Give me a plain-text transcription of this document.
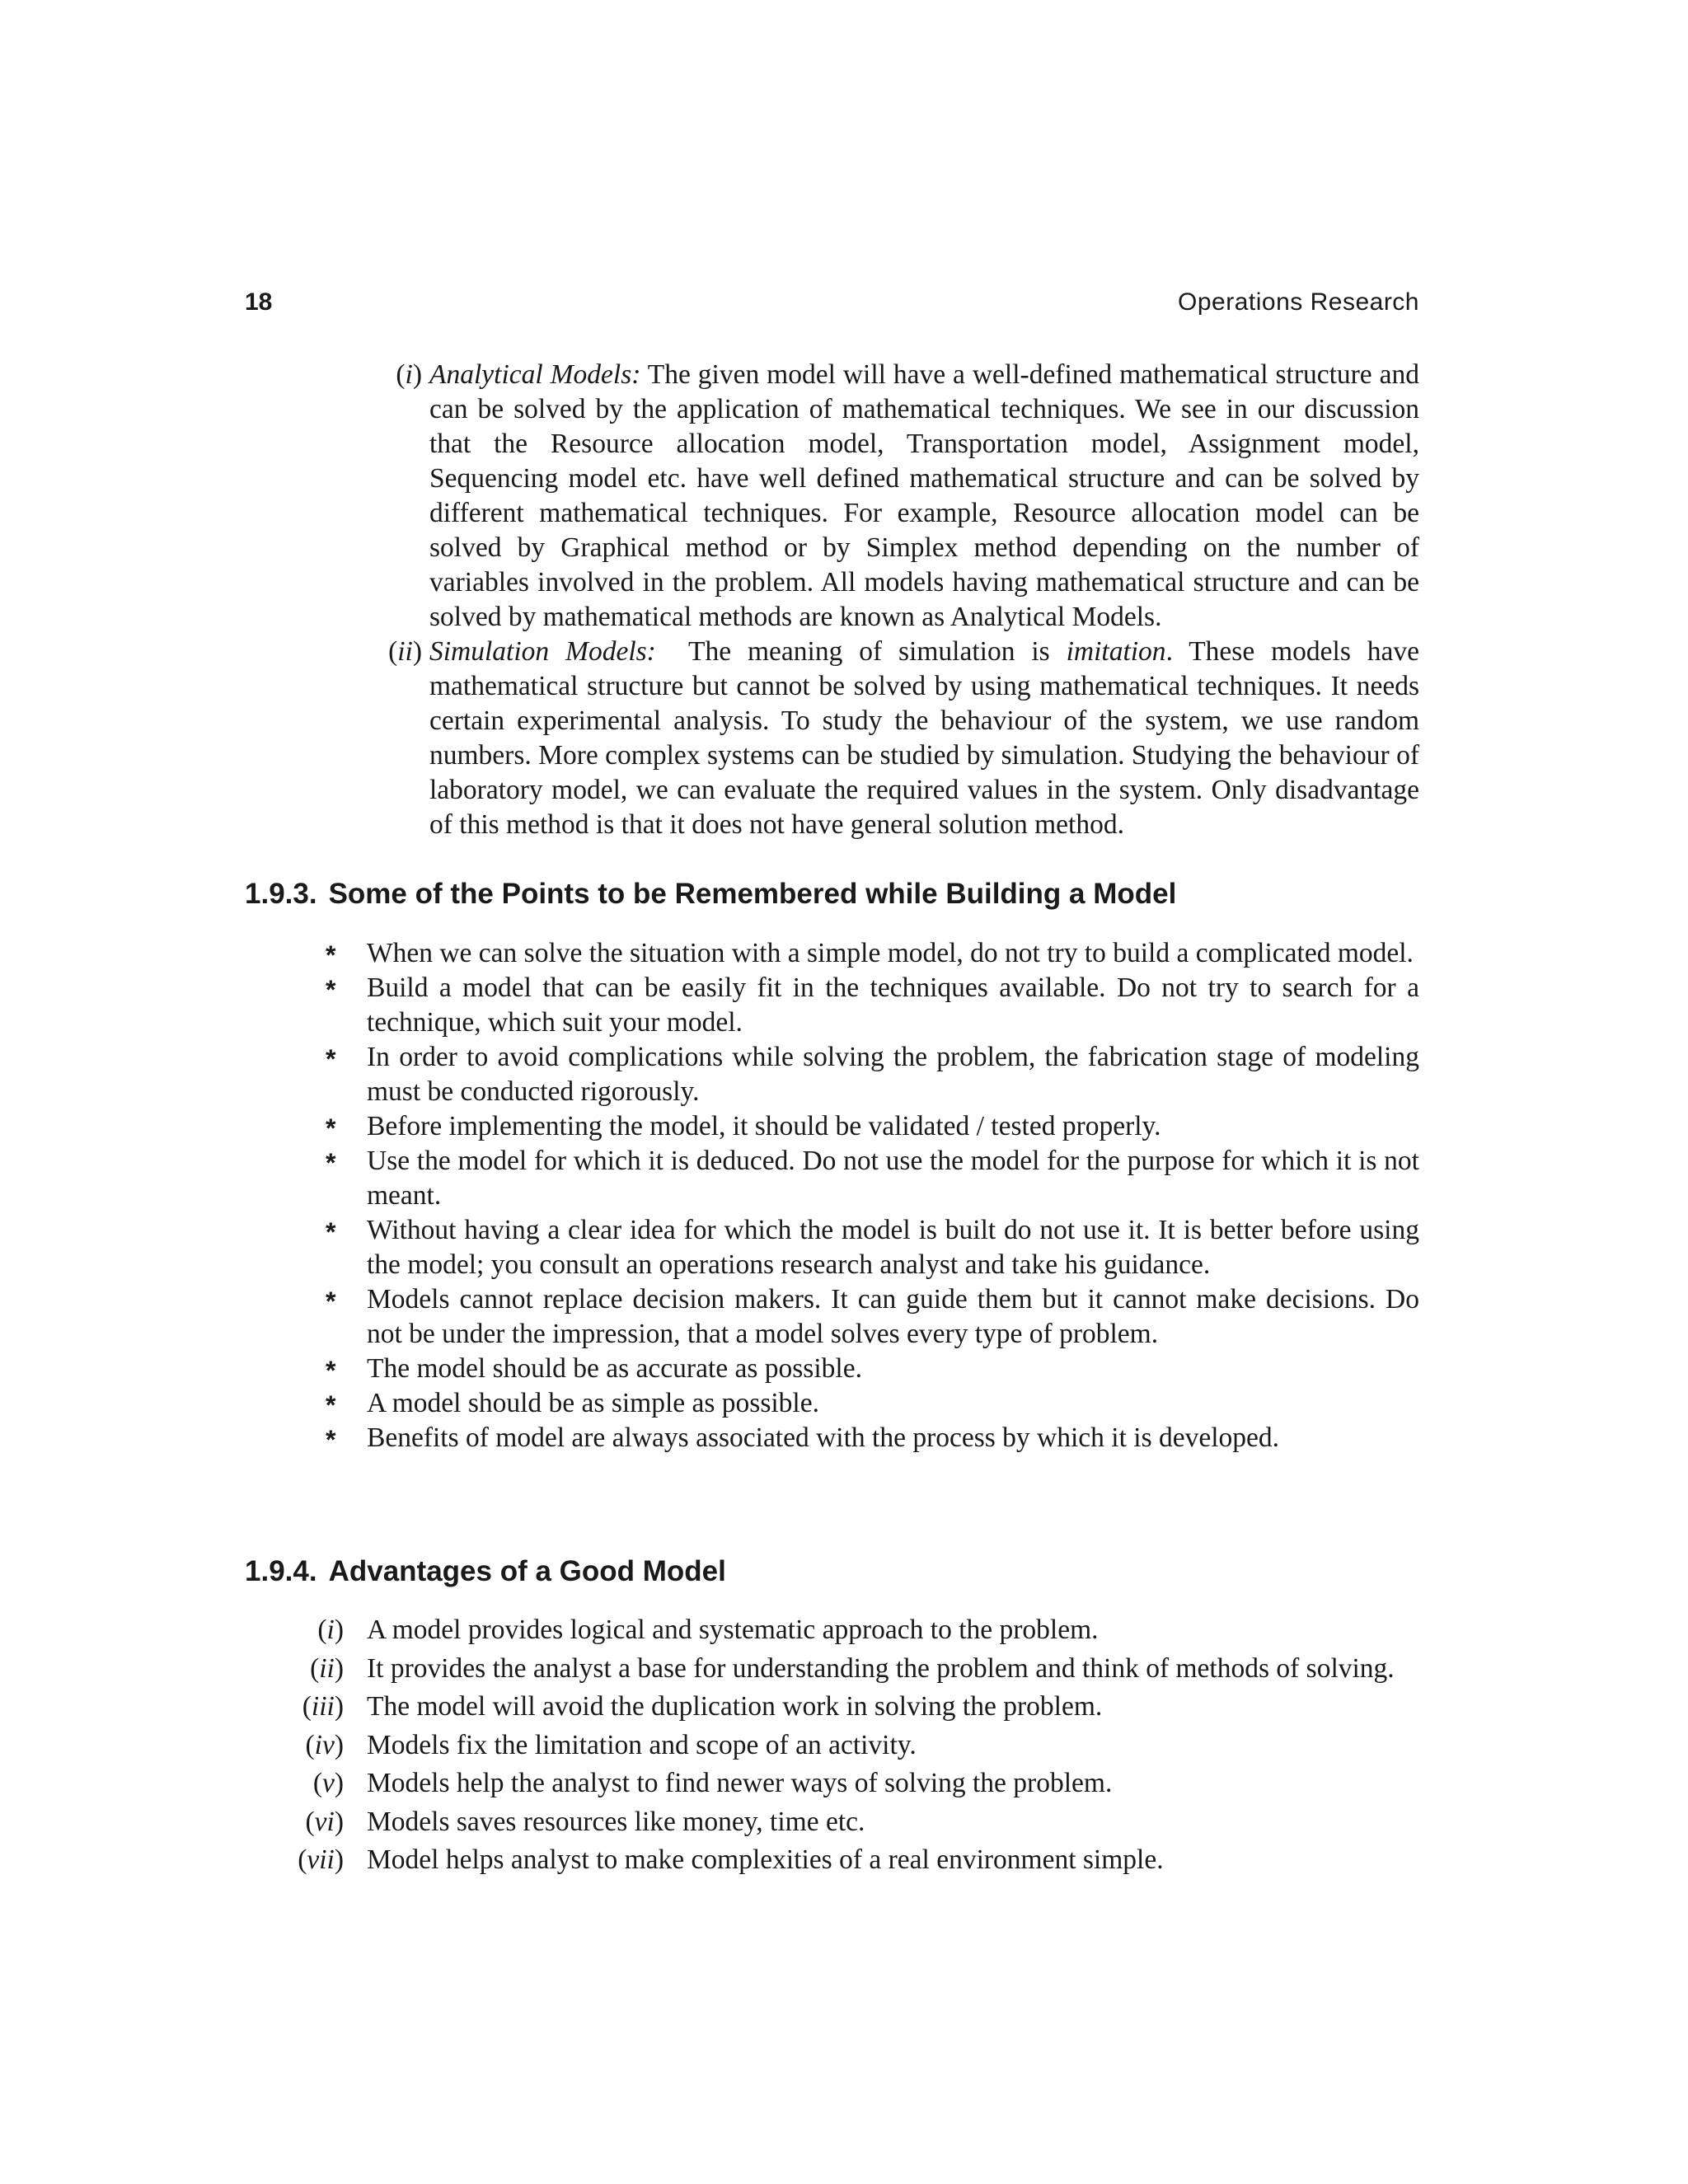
18	Operations Research
(i) Analytical Models: The given model will have a well-defined mathematical structure and can be solved by the application of mathematical techniques. We see in our discussion that the Resource allocation model, Transportation model, Assignment model, Sequencing model etc. have well defined mathematical structure and can be solved by different mathematical techniques. For example, Resource allocation model can be solved by Graphical method or by Simplex method depending on the number of variables involved in the problem. All models having mathematical structure and can be solved by mathematical methods are known as Analytical Models.
(ii) Simulation Models: The meaning of simulation is imitation. These models have mathematical structure but cannot be solved by using mathematical techniques. It needs certain experimental analysis. To study the behaviour of the system, we use random numbers. More complex systems can be studied by simulation. Studying the behaviour of laboratory model, we can evaluate the required values in the system. Only disadvantage of this method is that it does not have general solution method.
1.9.3. Some of the Points to be Remembered while Building a Model
* When we can solve the situation with a simple model, do not try to build a complicated model.
* Build a model that can be easily fit in the techniques available. Do not try to search for a technique, which suit your model.
* In order to avoid complications while solving the problem, the fabrication stage of modeling must be conducted rigorously.
* Before implementing the model, it should be validated / tested properly.
* Use the model for which it is deduced. Do not use the model for the purpose for which it is not meant.
* Without having a clear idea for which the model is built do not use it. It is better before using the model; you consult an operations research analyst and take his guidance.
* Models cannot replace decision makers. It can guide them but it cannot make decisions. Do not be under the impression, that a model solves every type of problem.
* The model should be as accurate as possible.
* A model should be as simple as possible.
* Benefits of model are always associated with the process by which it is developed.
1.9.4. Advantages of a Good Model
(i) A model provides logical and systematic approach to the problem.
(ii) It provides the analyst a base for understanding the problem and think of methods of solving.
(iii) The model will avoid the duplication work in solving the problem.
(iv) Models fix the limitation and scope of an activity.
(v) Models help the analyst to find newer ways of solving the problem.
(vi) Models saves resources like money, time etc.
(vii) Model helps analyst to make complexities of a real environment simple.
